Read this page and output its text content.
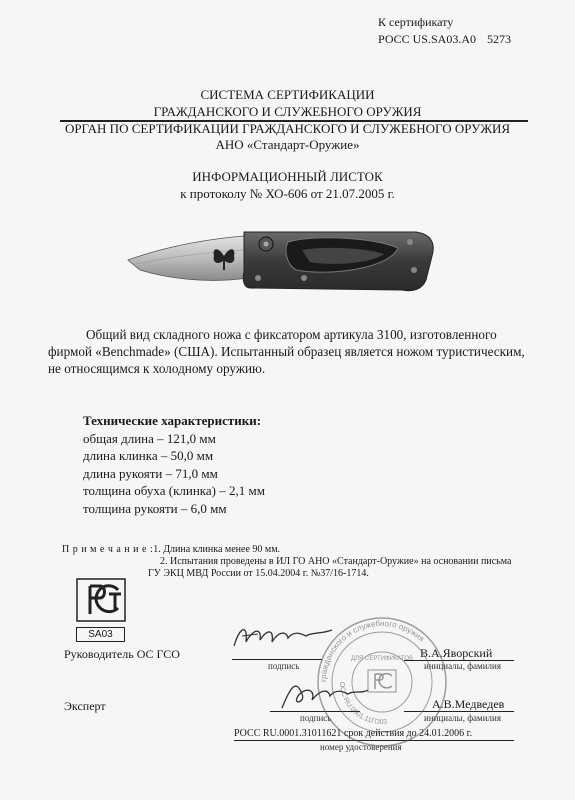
К сертификату
РОСС US.SA03.A0 5273
СИСТЕМА СЕРТИФИКАЦИИ
ГРАЖДАНСКОГО И СЛУЖЕБНОГО ОРУЖИЯ
ОРГАН ПО СЕРТИФИКАЦИИ ГРАЖДАНСКОГО И СЛУЖЕБНОГО ОРУЖИЯ
АНО «Стандарт-Оружие»
ИНФОРМАЦИОННЫЙ ЛИСТОК
к протоколу № ХО-606 от 21.07.2005 г.
Общий вид складного ножа с фиксатором артикула 3100, изготовленного
фирмой «Benchmade» (США). Испытанный образец является ножом туристическим,
не относящимся к холодному оружию.
Технические характеристики:
общая длина – 121,0 мм
длина клинка – 50,0 мм
длина рукояти – 71,0 мм
толщина обуха (клинка) – 2,1 мм
толщина рукояти – 6,0 мм
П р и м е ч а н и е :1. Длина клинка менее 90 мм.
2. Испытания проведены в ИЛ ГО АНО «Стандарт-Оружие» на основании письма
ГУ ЭКЦ МВД России от 15.04.2004 г. №37/16-1714.
SA03
Руководитель ОС ГСО
подпись
В.А.Яворский
инициалы, фамилия
Эксперт
подпись
А.В.Медведев
инициалы, фамилия
РОСС RU.0001.31011621 срок действия до 24.01.2006 г.
номер удостоверения
гражданского и служебного оружия
ОСС RU.0001.11ГО03
ДЛЯ СЕРТИФИКАТОВ
